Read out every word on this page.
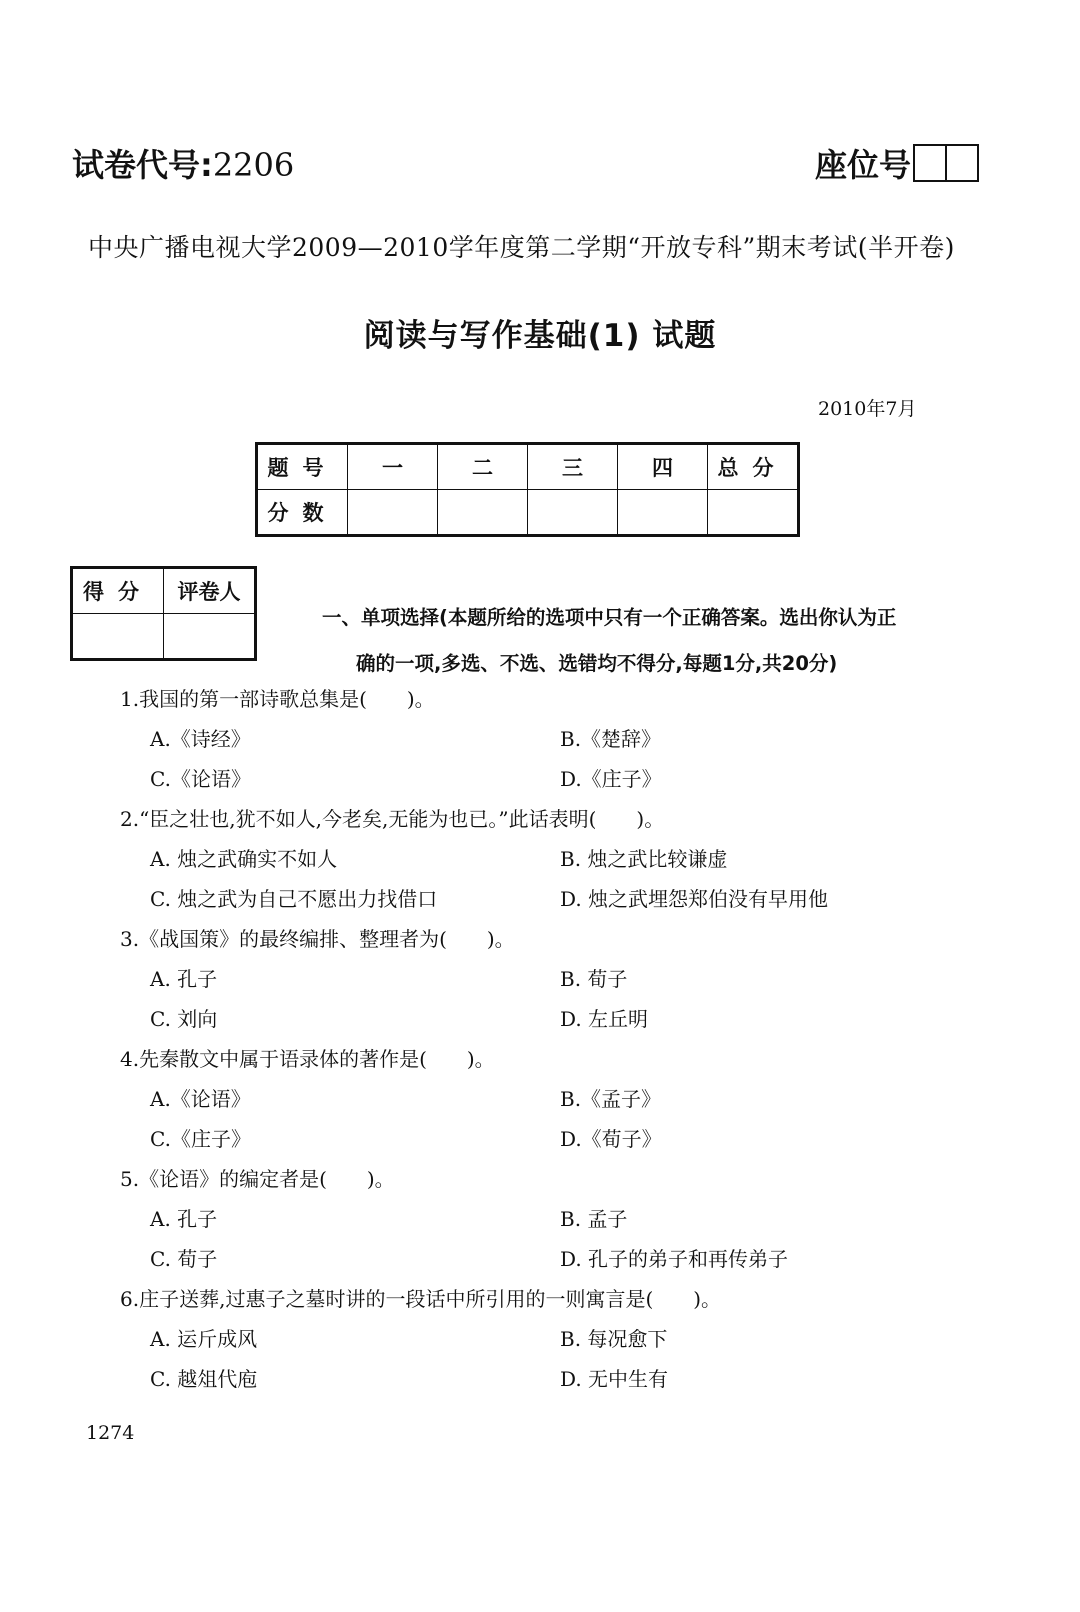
试卷代号:2206	座位号
中央广播电视大学2009—2010学年度第二学期“开放专科”期末考试(半开卷)
阅读与写作基础(1) 试题
2010年7月
题号	一	二	三	四	总分
分数					
得分	评卷人

一、单项选择(本题所给的选项中只有一个正确答案。选出你认为正
确的一项,多选、不选、选错均不得分,每题1分,共20分)
1.我国的第一部诗歌总集是(　　)。
A.《诗经》	B.《楚辞》
C.《论语》	D.《庄子》
2.“臣之壮也,犹不如人,今老矣,无能为也已。”此话表明(　　)。
A. 烛之武确实不如人	B. 烛之武比较谦虚
C. 烛之武为自己不愿出力找借口	D. 烛之武埋怨郑伯没有早用他
3.《战国策》的最终编排、整理者为(　　)。
A. 孔子	B. 荀子
C. 刘向	D. 左丘明
4.先秦散文中属于语录体的著作是(　　)。
A.《论语》	B.《孟子》
C.《庄子》	D.《荀子》
5.《论语》的编定者是(　　)。
A. 孔子	B. 孟子
C. 荀子	D. 孔子的弟子和再传弟子
6.庄子送葬,过惠子之墓时讲的一段话中所引用的一则寓言是(　　)。
A. 运斤成风	B. 每况愈下
C. 越俎代庖	D. 无中生有
1274
